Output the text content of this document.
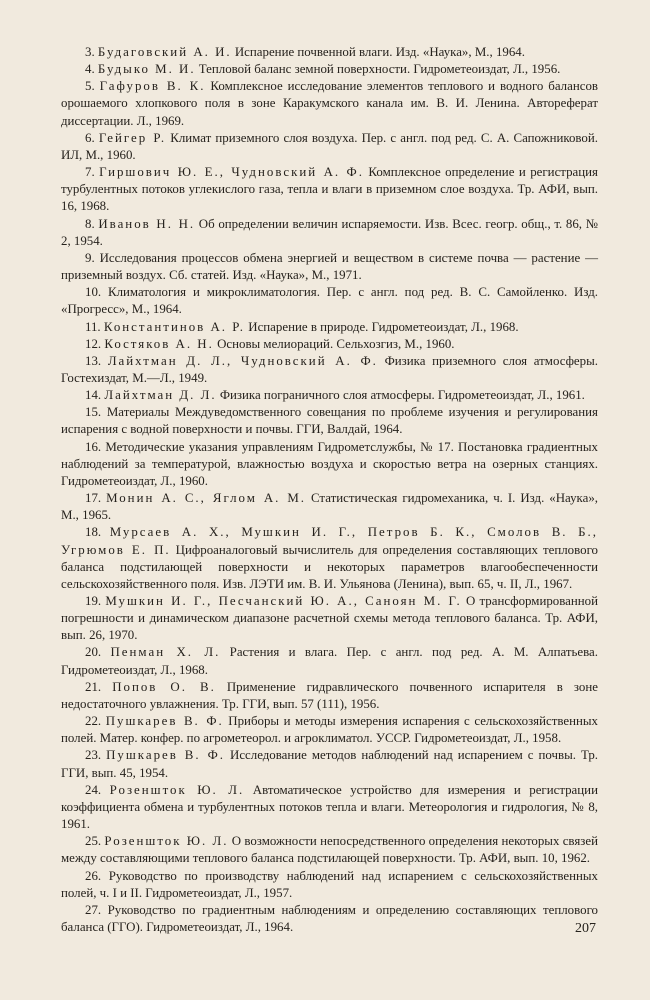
3. Будаговский А. И. Испарение почвенной влаги. Изд. «Наука», М., 1964.

4. Будыко М. И. Тепловой баланс земной поверхности. Гидрометеоиздат, Л., 1956.

5. Гафуров В. К. Комплексное исследование элементов теплового и водного балансов орошаемого хлопкового поля в зоне Каракумского канала им. В. И. Ленина. Автореферат диссертации. Л., 1969.

6. Гейгер Р. Климат приземного слоя воздуха. Пер. с англ. под ред. С. А. Сапожниковой. ИЛ, М., 1960.

7. Гиршович Ю. Е., Чудновский А. Ф. Комплексное определение и регистрация турбулентных потоков углекислого газа, тепла и влаги в приземном слое воздуха. Тр. АФИ, вып. 16, 1968.

8. Иванов Н. Н. Об определении величин испаряемости. Изв. Всес. геогр. общ., т. 86, № 2, 1954.

9. Исследования процессов обмена энергией и веществом в системе почва — растение — приземный воздух. Сб. статей. Изд. «Наука», М., 1971.

10. Климатология и микроклиматология. Пер. с англ. под ред. В. С. Самойленко. Изд. «Прогресс», М., 1964.

11. Константинов А. Р. Испарение в природе. Гидрометеоиздат, Л., 1968.

12. Костяков А. Н. Основы мелиораций. Сельхозгиз, М., 1960.

13. Лайхтман Д. Л., Чудновский А. Ф. Физика приземного слоя атмосферы. Гостехиздат, М.—Л., 1949.

14. Лайхтман Д. Л. Физика пограничного слоя атмосферы. Гидрометеоиздат, Л., 1961.

15. Материалы Междуведомственного совещания по проблеме изучения и регулирования испарения с водной поверхности и почвы. ГГИ, Валдай, 1964.

16. Методические указания управлениям Гидрометслужбы, № 17. Постановка градиентных наблюдений за температурой, влажностью воздуха и скоростью ветра на озерных станциях. Гидрометеоиздат, Л., 1960.

17. Монин А. С., Яглом А. М. Статистическая гидромеханика, ч. I. Изд. «Наука», М., 1965.

18. Мурсаев А. Х., Мушкин И. Г., Петров Б. К., Смолов В. Б., Угрюмов Е. П. Цифроаналоговый вычислитель для определения составляющих теплового баланса подстилающей поверхности и некоторых параметров влагообеспеченности сельскохозяйственного поля. Изв. ЛЭТИ им. В. И. Ульянова (Ленина), вып. 65, ч. II, Л., 1967.

19. Мушкин И. Г., Песчанский Ю. А., Саноян М. Г. О трансформированной погрешности и динамическом диапазоне расчетной схемы метода теплового баланса. Тр. АФИ, вып. 26, 1970.

20. Пенман Х. Л. Растения и влага. Пер. с англ. под ред. А. М. Алпатьева. Гидрометеоиздат, Л., 1968.

21. Попов О. В. Применение гидравлического почвенного испарителя в зоне недостаточного увлажнения. Тр. ГГИ, вып. 57 (111), 1956.

22. Пушкарев В. Ф. Приборы и методы измерения испарения с сельскохозяйственных полей. Матер. конфер. по агрометеорол. и агроклиматол. УССР. Гидрометеоиздат, Л., 1958.

23. Пушкарев В. Ф. Исследование методов наблюдений над испарением с почвы. Тр. ГГИ, вып. 45, 1954.

24. Розеншток Ю. Л. Автоматическое устройство для измерения и регистрации коэффициента обмена и турбулентных потоков тепла и влаги. Метеорология и гидрология, № 8, 1961.

25. Розеншток Ю. Л. О возможности непосредственного определения некоторых связей между составляющими теплового баланса подстилающей поверхности. Тр. АФИ, вып. 10, 1962.

26. Руководство по производству наблюдений над испарением с сельскохозяйственных полей, ч. I и II. Гидрометеоиздат, Л., 1957.

27. Руководство по градиентным наблюдениям и определению составляющих теплового баланса (ГГО). Гидрометеоиздат, Л., 1964.	207
